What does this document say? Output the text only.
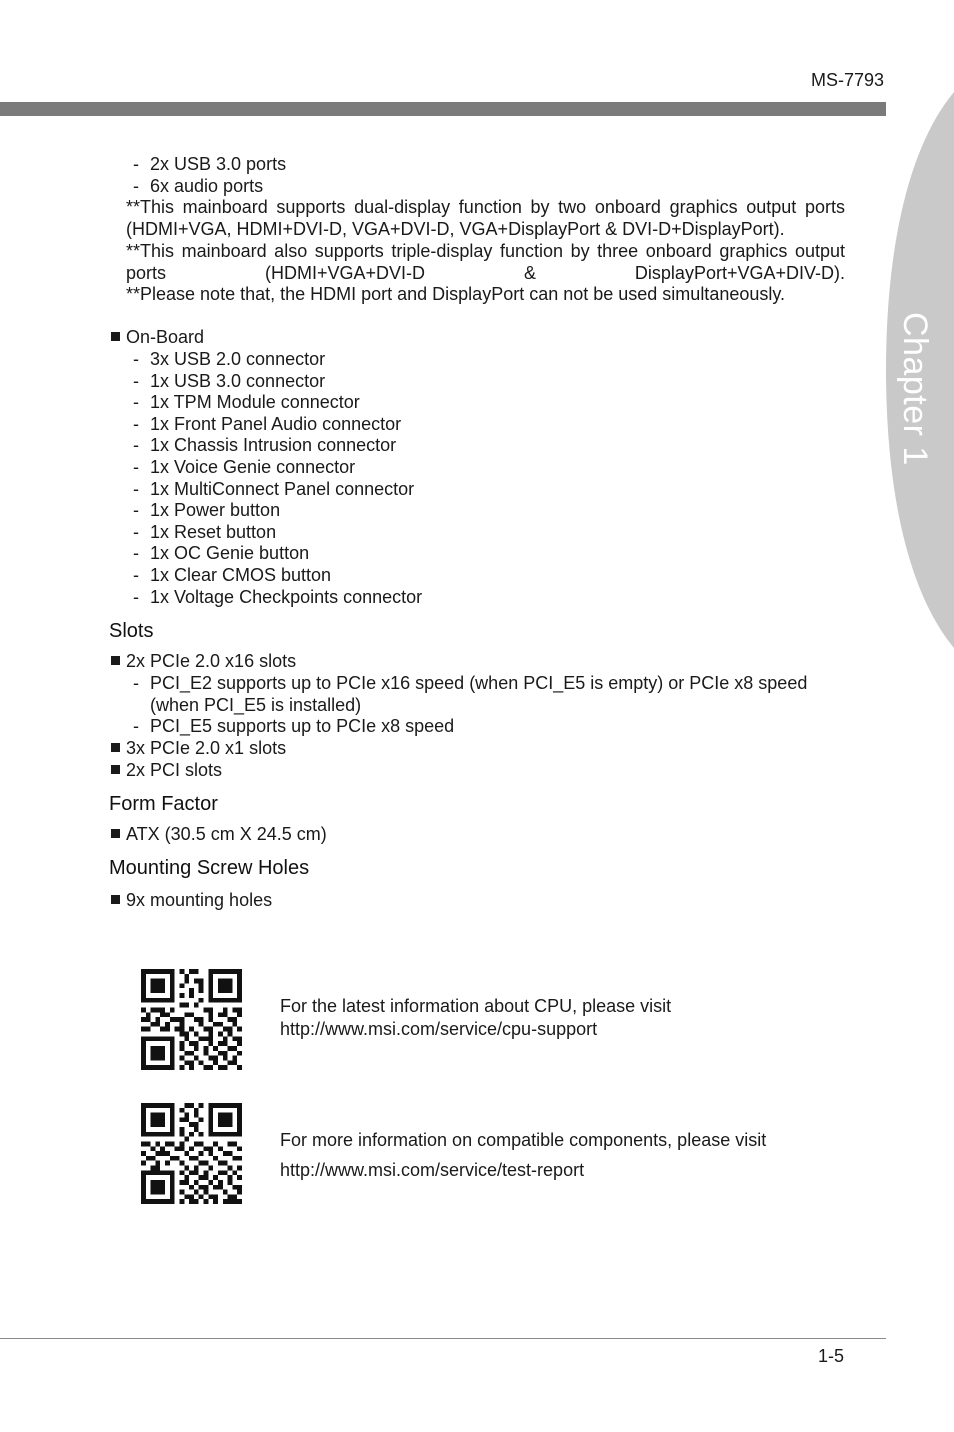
MS-7793
Chapter 1
- 2x USB 3.0 ports
- 6x audio ports
**This mainboard supports dual-display function by two onboard graphics output ports (HDMI+VGA, HDMI+DVI-D, VGA+DVI-D, VGA+DisplayPort & DVI-D+DisplayPort).
**This mainboard also supports triple-display function by three onboard graphics output ports (HDMI+VGA+DVI-D & DisplayPort+VGA+DIV-D).
**Please note that, the HDMI port and DisplayPort can not be used simultaneously.
On-Board
- 3x USB 2.0 connector
- 1x USB 3.0 connector
- 1x TPM Module connector
- 1x Front Panel Audio connector
- 1x Chassis Intrusion connector
- 1x Voice Genie connector
- 1x MultiConnect Panel connector
- 1x Power button
- 1x Reset button
- 1x OC Genie button
- 1x Clear CMOS button
- 1x Voltage Checkpoints connector
Slots
2x PCIe 2.0 x16 slots
- PCI_E2 supports up to PCIe x16 speed (when PCI_E5 is empty) or PCIe x8 speed
(when PCI_E5 is installed)
- PCI_E5 supports up to PCIe x8 speed
3x PCIe 2.0 x1 slots
2x PCI slots
Form Factor
ATX (30.5 cm X 24.5 cm)
Mounting Screw Holes
9x mounting holes
For the latest information about CPU, please visit
http://www.msi.com/service/cpu-support
For more information on compatible components, please visit
http://www.msi.com/service/test-report
1-5
